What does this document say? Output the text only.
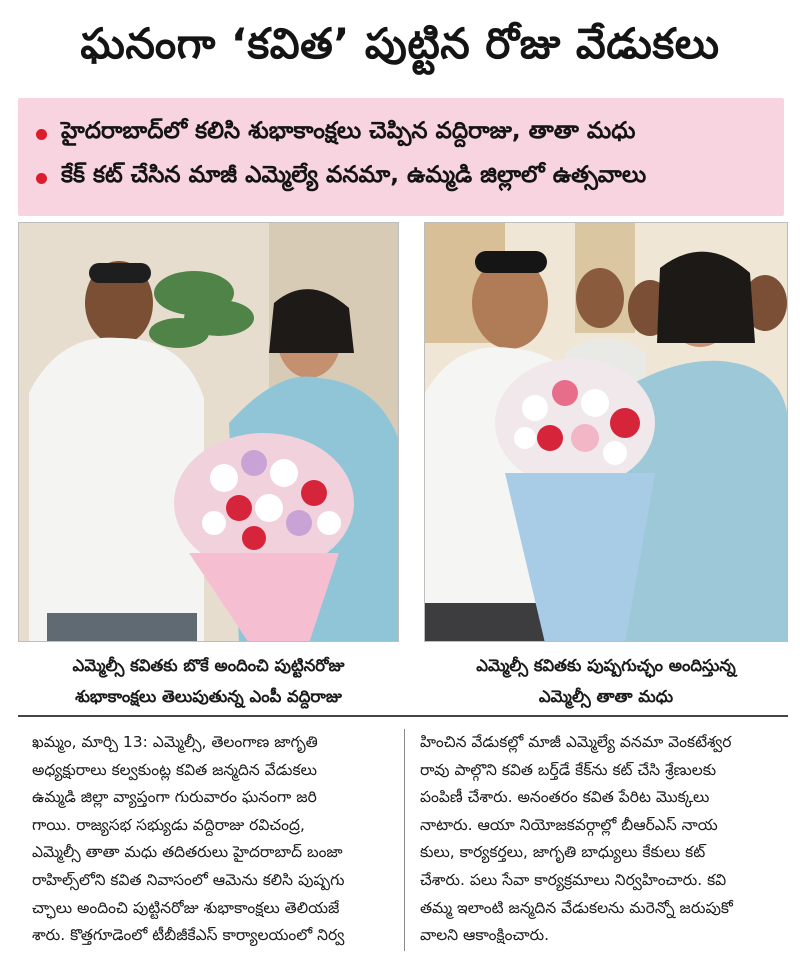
ఘనంగా ‘కవిత’ పుట్టిన రోజు వేడుకలు
హైదరాబాద్‌లో కలిసి శుభాకాంక్షలు చెప్పిన వద్దిరాజు, తాతా మధు
కేక్ కట్ చేసిన మాజీ ఎమ్మెల్యే వనమా, ఉమ్మడి జిల్లాలో ఉత్సవాలు
ఎమ్మెల్సీ కవితకు బొకే అందించి పుట్టినరోజు
శుభాకాంక్షలు తెలుపుతున్న ఎంపీ వద్దిరాజు
ఎమ్మెల్సీ కవితకు పుష్పగుచ్ఛం అందిస్తున్న
ఎమ్మెల్సీ తాతా మధు
ఖమ్మం, మార్చి 13: ఎమ్మెల్సీ, తెలంగాణ జాగృతి
అధ్యక్షురాలు కల్వకుంట్ల కవిత జన్మదిన వేడుకలు
ఉమ్మడి జిల్లా వ్యాప్తంగా గురువారం ఘనంగా జరి
గాయి. రాజ్యసభ సభ్యుడు వద్దిరాజు రవిచంద్ర,
ఎమ్మెల్సీ తాతా మధు తదితరులు హైదరాబాద్ బంజా
రాహిల్స్‌లోని కవిత నివాసంలో ఆమెను కలిసి పుష్పగు
చ్ఛాలు అందించి పుట్టినరోజు శుభాకాంక్షలు తెలియజే
శారు. కొత్తగూడెంలో టీబీజీకేఎస్ కార్యాలయంలో నిర్వ
హించిన వేడుకల్లో మాజీ ఎమ్మెల్యే వనమా వెంకటేశ్వర
రావు పాల్గొని కవిత బర్త్‌డే కేక్‌ను కట్ చేసి శ్రేణులకు
పంపిణీ చేశారు. అనంతరం కవిత పేరిట మొక్కలు
నాటారు. ఆయా నియోజకవర్గాల్లో బీఆర్ఎస్ నాయ
కులు, కార్యకర్తలు, జాగృతి బాధ్యులు కేకులు కట్
చేశారు. పలు సేవా కార్యక్రమాలు నిర్వహించారు. కవి
తమ్మ ఇలాంటి జన్మదిన వేడుకలను మరెన్నో జరుపుకో
వాలని ఆకాంక్షించారు.
